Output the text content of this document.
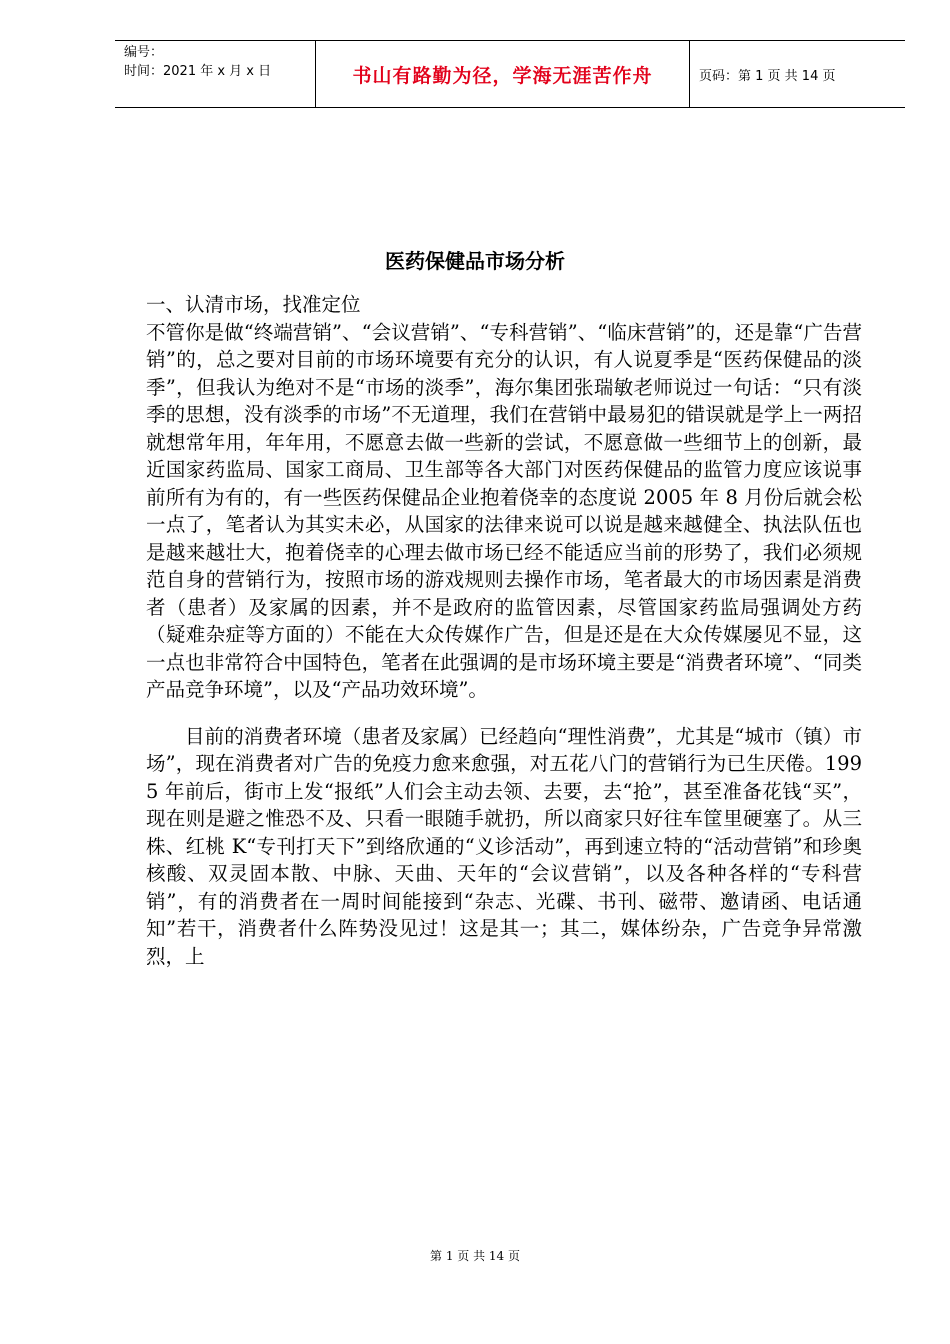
编号：
时间：2021 年 x 月 x 日	书山有路勤为径，学海无涯苦作舟	页码：第 1 页 共 14 页
医药保健品市场分析

一、认清市场，找准定位

不管你是做“终端营销”、“会议营销”、“专科营销”、“临床营销”的，还是靠“广告营销”的，总之要对目前的市场环境要有充分的认识，有人说夏季是“医药保健品的淡季”，但我认为绝对不是“市场的淡季”，海尔集团张瑞敏老师说过一句话：“只有淡季的思想，没有淡季的市场”不无道理，我们在营销中最易犯的错误就是学上一两招就想常年用，年年用，不愿意去做一些新的尝试，不愿意做一些细节上的创新，最近国家药监局、国家工商局、卫生部等各大部门对医药保健品的监管力度应该说事前所有为有的，有一些医药保健品企业抱着侥幸的态度说 2005 年 8 月份后就会松一点了，笔者认为其实未必，从国家的法律来说可以说是越来越健全、执法队伍也是越来越壮大，抱着侥幸的心理去做市场已经不能适应当前的形势了，我们必须规范自身的营销行为，按照市场的游戏规则去操作市场，笔者最大的市场因素是消费者（患者）及家属的因素，并不是政府的监管因素，尽管国家药监局强调处方药（疑难杂症等方面的）不能在大众传媒作广告，但是还是在大众传媒屡见不显，这一点也非常符合中国特色，笔者在此强调的是市场环境主要是“消费者环境”、“同类产品竞争环境”，以及“产品功效环境”。

目前的消费者环境（患者及家属）已经趋向“理性消费”，尤其是“城市（镇）市场”，现在消费者对广告的免疫力愈来愈强，对五花八门的营销行为已生厌倦。1995 年前后，街市上发“报纸”人们会主动去领、去要，去“抢”，甚至准备花钱“买”，现在则是避之惟恐不及、只看一眼随手就扔，所以商家只好往车筐里硬塞了。从三株、红桃 K“专刊打天下”到络欣通的“义诊活动”，再到速立特的“活动营销”和珍奥核酸、双灵固本散、中脉、天曲、天年的“会议营销”，以及各种各样的“专科营销”，有的消费者在一周时间能接到“杂志、光碟、书刊、磁带、邀请函、电话通知”若干，消费者什么阵势没见过！这是其一；其二，媒体纷杂，广告竞争异常激烈，上

第 1 页 共 14 页
